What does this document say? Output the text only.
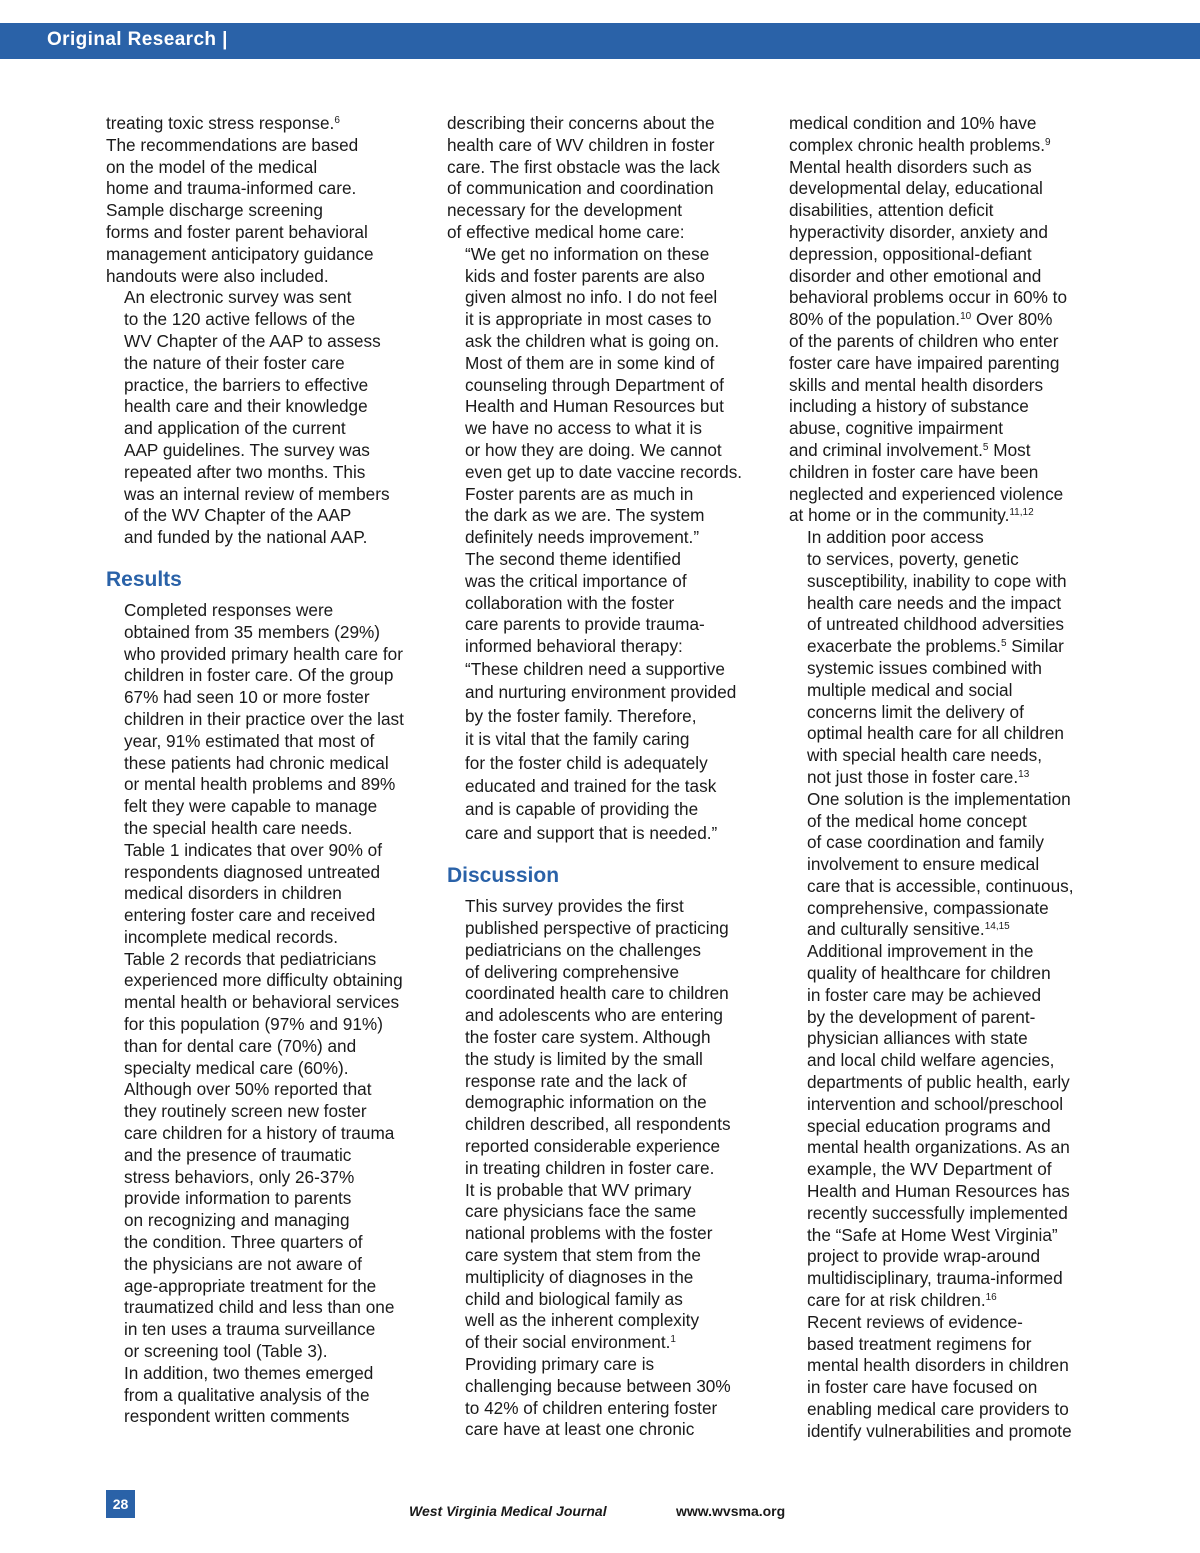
Original Research |

treating toxic stress response.$^6$
The recommendations are based
on the model of the medical
home and trauma-informed care.
Sample discharge screening
forms and foster parent behavioral
management anticipatory guidance
handouts were also included.

An electronic survey was sent
to the 120 active fellows of the
WV Chapter of the AAP to assess
the nature of their foster care
practice, the barriers to effective
health care and their knowledge
and application of the current
AAP guidelines. The survey was
repeated after two months. This
was an internal review of members
of the WV Chapter of the AAP
and funded by the national AAP.

Results

Completed responses were
obtained from 35 members (29%)
who provided primary health care for
children in foster care. Of the group
67% had seen 10 or more foster
children in their practice over the last
year, 91% estimated that most of
these patients had chronic medical
or mental health problems and 89%
felt they were capable to manage
the special health care needs.

Table 1 indicates that over 90% of
respondents diagnosed untreated
medical disorders in children
entering foster care and received
incomplete medical records.
Table 2 records that pediatricians
experienced more difficulty obtaining
mental health or behavioral services
for this population (97% and 91%)
than for dental care (70%) and
specialty medical care (60%).
Although over 50% reported that
they routinely screen new foster
care children for a history of trauma
and the presence of traumatic
stress behaviors, only 26-37%
provide information to parents
on recognizing and managing
the condition. Three quarters of
the physicians are not aware of
age-appropriate treatment for the
traumatized child and less than one
in ten uses a trauma surveillance
or screening tool (Table 3).

In addition, two themes emerged
from a qualitative analysis of the
respondent written comments

describing their concerns about the
health care of WV children in foster
care. The first obstacle was the lack
of communication and coordination
necessary for the development
of effective medical home care:

“We get no information on these
kids and foster parents are also
given almost no info. I do not feel
it is appropriate in most cases to
ask the children what is going on.
Most of them are in some kind of
counseling through Department of
Health and Human Resources but
we have no access to what it is
or how they are doing. We cannot
even get up to date vaccine records.
Foster parents are as much in
the dark as we are. The system
definitely needs improvement.”

The second theme identified
was the critical importance of
collaboration with the foster
care parents to provide trauma-
informed behavioral therapy:

“These children need a supportive
and nurturing environment provided
by the foster family. Therefore,
it is vital that the family caring
for the foster child is adequately
educated and trained for the task
and is capable of providing the
care and support that is needed.”

Discussion

This survey provides the first
published perspective of practicing
pediatricians on the challenges
of delivering comprehensive
coordinated health care to children
and adolescents who are entering
the foster care system. Although
the study is limited by the small
response rate and the lack of
demographic information on the
children described, all respondents
reported considerable experience
in treating children in foster care.
It is probable that WV primary
care physicians face the same
national problems with the foster
care system that stem from the
multiplicity of diagnoses in the
child and biological family as
well as the inherent complexity
of their social environment.$^1$

Providing primary care is
challenging because between 30%
to 42% of children entering foster
care have at least one chronic

medical condition and 10% have
complex chronic health problems.$^9$
Mental health disorders such as
developmental delay, educational
disabilities, attention deficit
hyperactivity disorder, anxiety and
depression, oppositional-defiant
disorder and other emotional and
behavioral problems occur in 60% to
80% of the population.$^{10}$ Over 80%
of the parents of children who enter
foster care have impaired parenting
skills and mental health disorders
including a history of substance
abuse, cognitive impairment
and criminal involvement.$^5$ Most
children in foster care have been
neglected and experienced violence
at home or in the community.$^{11,12}$

In addition poor access
to services, poverty, genetic
susceptibility, inability to cope with
health care needs and the impact
of untreated childhood adversities
exacerbate the problems.$^5$ Similar
systemic issues combined with
multiple medical and social
concerns limit the delivery of
optimal health care for all children
with special health care needs,
not just those in foster care.$^{13}$

One solution is the implementation
of the medical home concept
of case coordination and family
involvement to ensure medical
care that is accessible, continuous,
comprehensive, compassionate
and culturally sensitive.$^{14,15}$

Additional improvement in the
quality of healthcare for children
in foster care may be achieved
by the development of parent-
physician alliances with state
and local child welfare agencies,
departments of public health, early
intervention and school/preschool
special education programs and
mental health organizations. As an
example, the WV Department of
Health and Human Resources has
recently successfully implemented
the “Safe at Home West Virginia”
project to provide wrap-around
multidisciplinary, trauma-informed
care for at risk children.$^{16}$

Recent reviews of evidence-
based treatment regimens for
mental health disorders in children
in foster care have focused on
enabling medical care providers to
identify vulnerabilities and promote

28	West Virginia Medical Journal	www.wvsma.org
